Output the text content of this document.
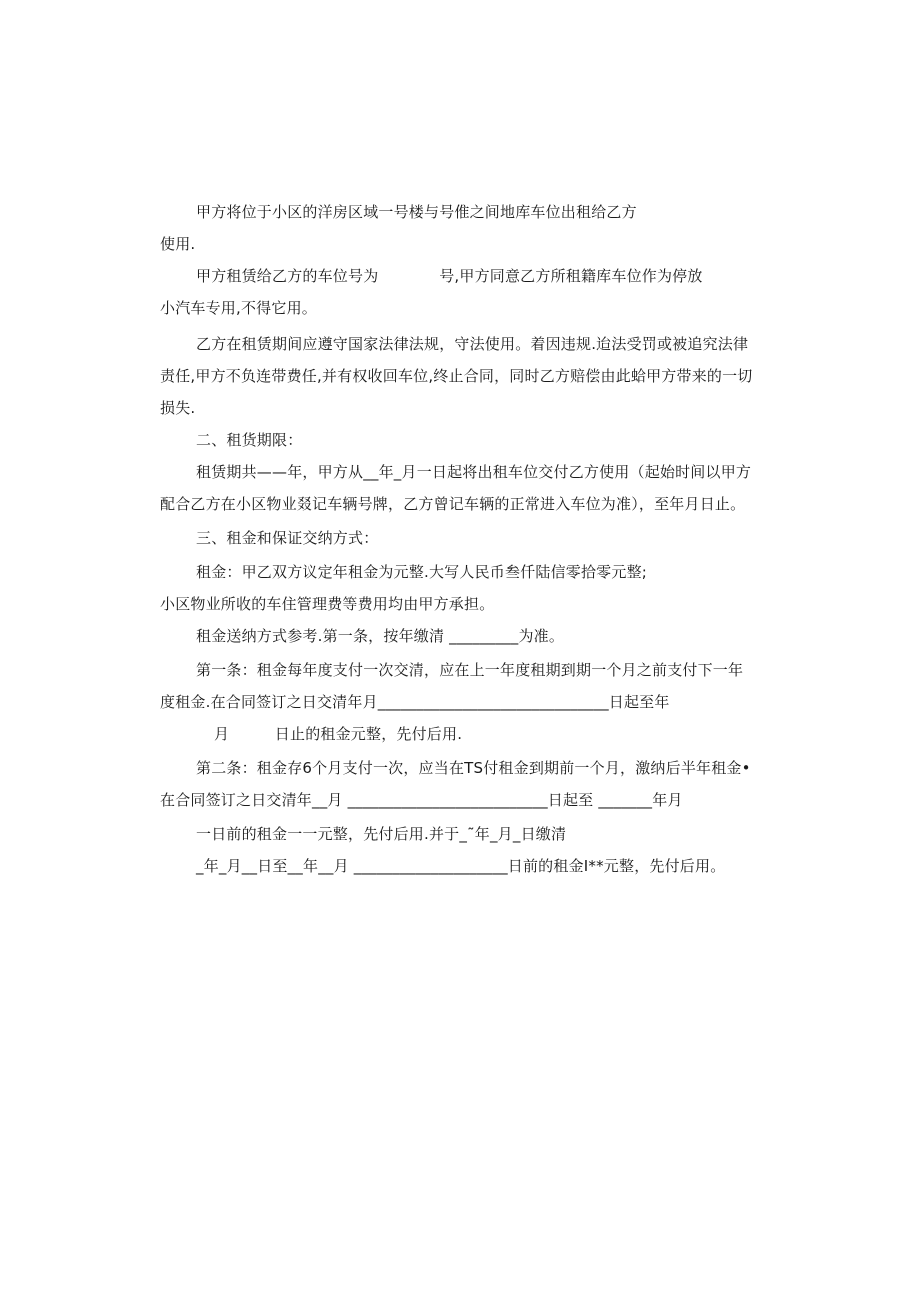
甲方将位于小区的洋房区域一号楼与号倠之间地库车位出租给乙方
使用.
甲方租赁给乙方的车位号为　　　　号,甲方同意乙方所租籍库车位作为停放
小汽车专用,不得它用。
乙方在租赁期间应遵守国家法律法规，守法使用。着因违规.迨法受罚或被追究法律
责任,甲方不负连带费任,并有权收回车位,终止合同，同时乙方赔偿由此蛤甲方带来的一切
损失.
二、租货期限：
租赁期共——年，甲方从__年_月一日起将出租车位交付乙方使用（起始时间以甲方
配合乙方在小区物业叕记车辆号牌，乙方曾记车辆的正常进入车位为准），至年月日止。
三、租金和保证交纳方式：
租金：甲乙双方议定年租金为元整.大写人民币叁仟陆信零拾零元整;
小区物业所收的车住管理费等费用均由甲方承担。
租金送纳方式参考.第一条，按年缴清 _________为准。
第一条：租金每年度支付一次交清，应在上一年度租期到期一个月之前支付下一年
度租金.在合同签订之日交清年月______________________________日起至年
月　　　日止的租金元整，先付后用.
第二条：租金存6个月支付一次，应当在TS付租金到期前一个月，激纳后半年租金•
在合同签订之日交清年__月 __________________________日起至 _______年月
一日前的租金一一元整，先付后用.并于_˜年_月_日缴清
_年_月__日至__年__月 ____________________日前的租金I**元整，先付后用。
